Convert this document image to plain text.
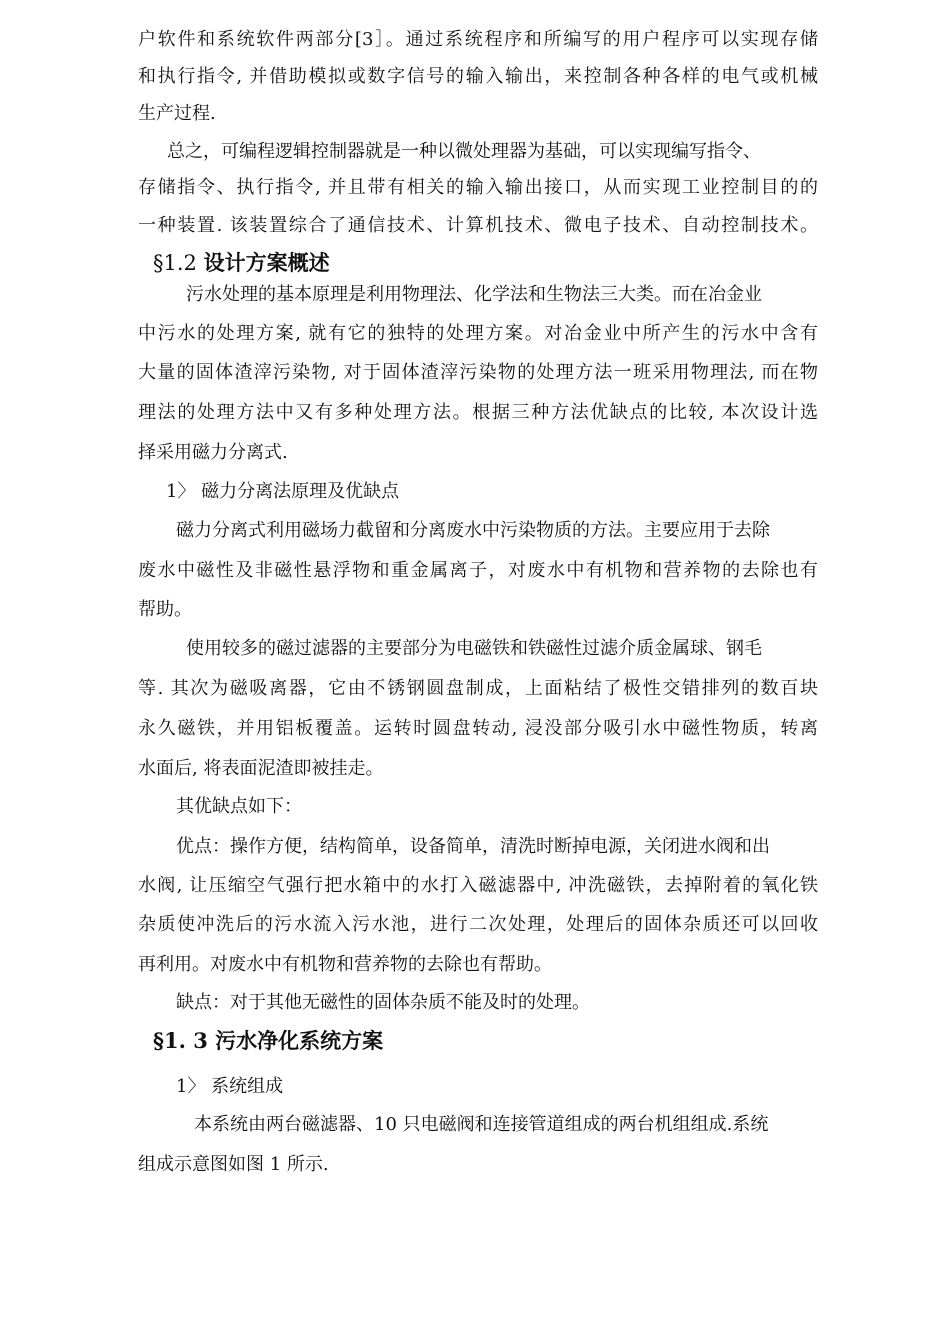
户软件和系统软件两部分[3］。通过系统程序和所编写的用户程序可以实现存储
和执行指令, 并借助模拟或数字信号的输入输出，来控制各种各样的电气或机械
生产过程.
总之，可编程逻辑控制器就是一种以微处理器为基础，可以实现编写指令、
存储指令、执行指令, 并且带有相关的输入输出接口，从而实现工业控制目的的
一种装置. 该装置综合了通信技术、计算机技术、微电子技术、自动控制技术。
§1.2 设计方案概述
污水处理的基本原理是利用物理法、化学法和生物法三大类。而在冶金业
中污水的处理方案, 就有它的独特的处理方案。对冶金业中所产生的污水中含有
大量的固体渣滓污染物, 对于固体渣滓污染物的处理方法一班采用物理法, 而在物
理法的处理方法中又有多种处理方法。根据三种方法优缺点的比较, 本次设计选
择采用磁力分离式.
1〉 磁力分离法原理及优缺点
磁力分离式利用磁场力截留和分离废水中污染物质的方法。主要应用于去除
废水中磁性及非磁性悬浮物和重金属离子，对废水中有机物和营养物的去除也有
帮助。
使用较多的磁过滤器的主要部分为电磁铁和铁磁性过滤介质金属球、钢毛
等. 其次为磁吸离器，它由不锈钢圆盘制成，上面粘结了极性交错排列的数百块
永久磁铁，并用铝板覆盖。运转时圆盘转动, 浸没部分吸引水中磁性物质，转离
水面后, 将表面泥渣即被挂走。
其优缺点如下：
优点：操作方便，结构简单，设备简单，清洗时断掉电源，关闭进水阀和出
水阀, 让压缩空气强行把水箱中的水打入磁滤器中, 冲洗磁铁，去掉附着的氧化铁
杂质使冲洗后的污水流入污水池，进行二次处理，处理后的固体杂质还可以回收
再利用。对废水中有机物和营养物的去除也有帮助。
缺点：对于其他无磁性的固体杂质不能及时的处理。
§1. 3 污水净化系统方案
1〉 系统组成
本系统由两台磁滤器、10 只电磁阀和连接管道组成的两台机组组成.系统
组成示意图如图 1 所示.
